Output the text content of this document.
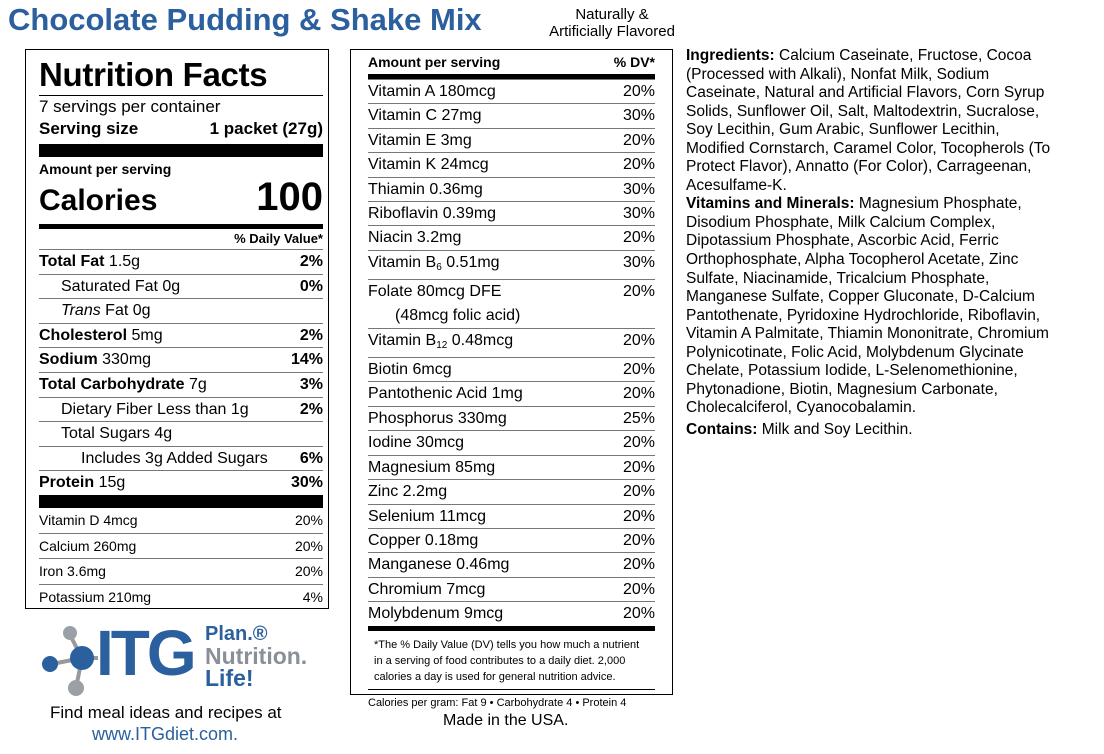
Chocolate Pudding & Shake Mix	Naturally &
Artificially Flavored
Nutrition Facts
7 servings per container
Serving size	1 packet (27g)
Amount per serving
Calories 100
% Daily Value*
Total Fat 1.5g	2%
Saturated Fat 0g	0%
Trans Fat 0g
Cholesterol 5mg	2%
Sodium 330mg	14%
Total Carbohydrate 7g	3%
Dietary Fiber Less than 1g	2%
Total Sugars 4g
Includes 3g Added Sugars 6%
Protein 15g	30%
Vitamin D 4mcg	20%
Calcium 260mg	20%
Iron 3.6mg	20%
Potassium 210mg	4%
Amount per serving	% DV*
Vitamin A 180mcg	20%
Vitamin C 27mg	30%
Vitamin E 3mg	20%
Vitamin K 24mcg	20%
Thiamin 0.36mg	30%
Riboflavin 0.39mg	30%
Niacin 3.2mg	20%
Vitamin $B_6$ 0.51mg	30%
Folate 80mcg DFE	20%
(48mcg folic acid)
Vitamin $B_{12}$ 0.48mcg	20%
Biotin 6mcg	20%
Pantothenic Acid 1mg	20%
Phosphorus 330mg	25%
Iodine 30mcg	20%
Magnesium 85mg	20%
Zinc 2.2mg	20%
Selenium 11mcg	20%
Copper 0.18mg	20%
Manganese 0.46mg	20%
Chromium 7mcg	20%
Molybdenum 9mcg	20%
*The % Daily Value (DV) tells you how much a nutrient
in a serving of food contributes to a daily diet. 2,000
calories a day is used for general nutrition advice.
Calories per gram: Fat 9 • Carbohydrate 4 • Protein 4
Ingredients: Calcium Caseinate, Fructose, Cocoa
(Processed with Alkali), Nonfat Milk, Sodium
Caseinate, Natural and Artificial Flavors, Corn Syrup
Solids, Sunflower Oil, Salt, Maltodextrin, Sucralose,
Soy Lecithin, Gum Arabic, Sunflower Lecithin,
Modified Cornstarch, Caramel Color, Tocopherols (To
Protect Flavor), Annatto (For Color), Carrageenan,
Acesulfame-K.
Vitamins and Minerals: Magnesium Phosphate,
Disodium Phosphate, Milk Calcium Complex,
Dipotassium Phosphate, Ascorbic Acid, Ferric
Orthophosphate, Alpha Tocopherol Acetate, Zinc
Sulfate, Niacinamide, Tricalcium Phosphate,
Manganese Sulfate, Copper Gluconate, D-Calcium
Pantothenate, Pyridoxine Hydrochloride, Riboflavin,
Vitamin A Palmitate, Thiamin Mononitrate, Chromium
Polynicotinate, Folic Acid, Molybdenum Glycinate
Chelate, Potassium Iodide, L-Selenomethionine,
Phytonadione, Biotin, Magnesium Carbonate,
Cholecalciferol, Cyanocobalamin.
Contains: Milk and Soy Lecithin.
ITG Plan.®
Nutrition.
Life!
Find meal ideas and recipes at
www.ITGdiet.com.
Made in the USA.
